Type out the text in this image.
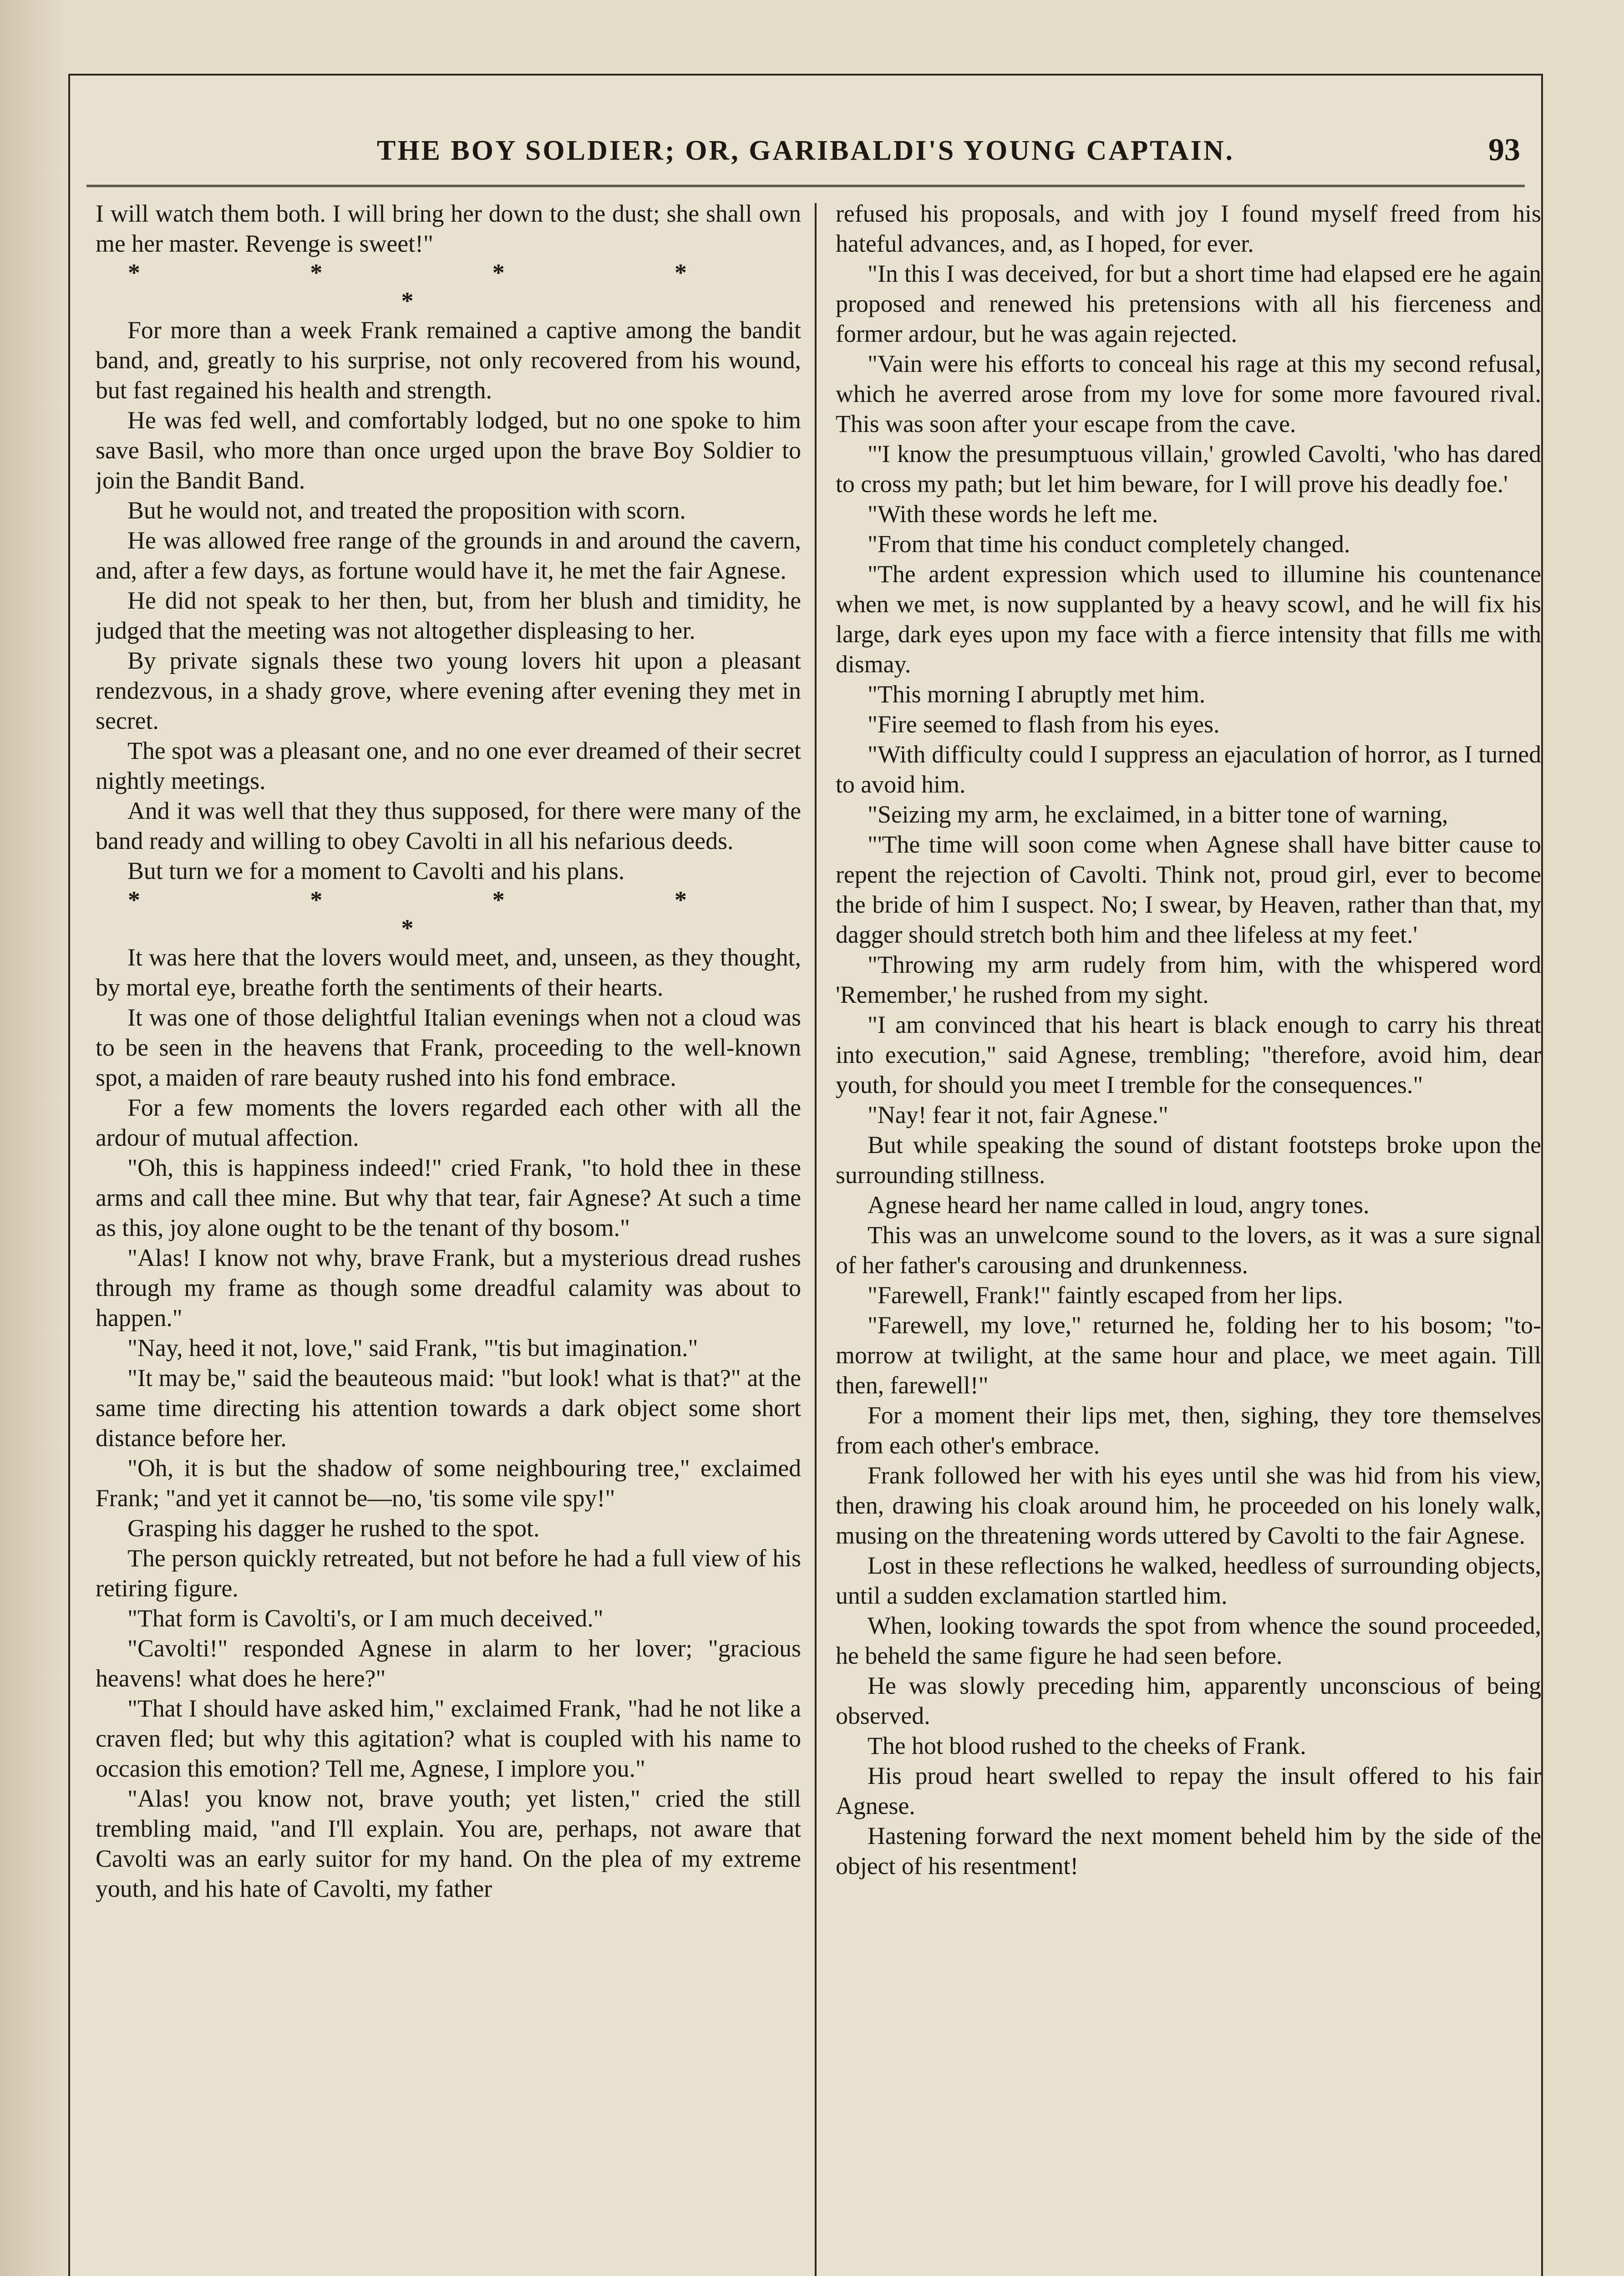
THE BOY SOLDIER; OR, GARIBALDI'S YOUNG CAPTAIN.	93

I will watch them both. I will bring her down to the dust; she shall own me her master. Revenge is sweet!"

* * * * *

For more than a week Frank remained a captive among the bandit band, and, greatly to his surprise, not only recovered from his wound, but fast regained his health and strength.

He was fed well, and comfortably lodged, but no one spoke to him save Basil, who more than once urged upon the brave Boy Soldier to join the Bandit Band.

But he would not, and treated the proposition with scorn.

He was allowed free range of the grounds in and around the cavern, and, after a few days, as fortune would have it, he met the fair Agnese.

He did not speak to her then, but, from her blush and timidity, he judged that the meeting was not altogether displeasing to her.

By private signals these two young lovers hit upon a pleasant rendezvous, in a shady grove, where evening after evening they met in secret.

The spot was a pleasant one, and no one ever dreamed of their secret nightly meetings.

And it was well that they thus supposed, for there were many of the band ready and willing to obey Cavolti in all his nefarious deeds.

But turn we for a moment to Cavolti and his plans.

* * * * *

It was here that the lovers would meet, and, unseen, as they thought, by mortal eye, breathe forth the sentiments of their hearts.

It was one of those delightful Italian evenings when not a cloud was to be seen in the heavens that Frank, proceeding to the well-known spot, a maiden of rare beauty rushed into his fond embrace.

For a few moments the lovers regarded each other with all the ardour of mutual affection.

"Oh, this is happiness indeed!" cried Frank, "to hold thee in these arms and call thee mine. But why that tear, fair Agnese? At such a time as this, joy alone ought to be the tenant of thy bosom."

"Alas! I know not why, brave Frank, but a mysterious dread rushes through my frame as though some dreadful calamity was about to happen."

"Nay, heed it not, love," said Frank, "'tis but imagination."

"It may be," said the beauteous maid: "but look! what is that?" at the same time directing his attention towards a dark object some short distance before her.

"Oh, it is but the shadow of some neighbouring tree," exclaimed Frank; "and yet it cannot be—no, 'tis some vile spy!"

Grasping his dagger he rushed to the spot.

The person quickly retreated, but not before he had a full view of his retiring figure.

"That form is Cavolti's, or I am much deceived."

"Cavolti!" responded Agnese in alarm to her lover; "gracious heavens! what does he here?"

"That I should have asked him," exclaimed Frank, "had he not like a craven fled; but why this agitation? what is coupled with his name to occasion this emotion? Tell me, Agnese, I implore you."

"Alas! you know not, brave youth; yet listen," cried the still trembling maid, "and I'll explain. You are, perhaps, not aware that Cavolti was an early suitor for my hand. On the plea of my extreme youth, and his hate of Cavolti, my father

refused his proposals, and with joy I found myself freed from his hateful advances, and, as I hoped, for ever.

"In this I was deceived, for but a short time had elapsed ere he again proposed and renewed his pretensions with all his fierceness and former ardour, but he was again rejected.

"Vain were his efforts to conceal his rage at this my second refusal, which he averred arose from my love for some more favoured rival. This was soon after your escape from the cave.

"'I know the presumptuous villain,' growled Cavolti, 'who has dared to cross my path; but let him beware, for I will prove his deadly foe.'

"With these words he left me.

"From that time his conduct completely changed.

"The ardent expression which used to illumine his countenance when we met, is now supplanted by a heavy scowl, and he will fix his large, dark eyes upon my face with a fierce intensity that fills me with dismay.

"This morning I abruptly met him.

"Fire seemed to flash from his eyes.

"With difficulty could I suppress an ejaculation of horror, as I turned to avoid him.

"Seizing my arm, he exclaimed, in a bitter tone of warning,

"'The time will soon come when Agnese shall have bitter cause to repent the rejection of Cavolti. Think not, proud girl, ever to become the bride of him I suspect. No; I swear, by Heaven, rather than that, my dagger should stretch both him and thee lifeless at my feet.'

"Throwing my arm rudely from him, with the whispered word 'Remember,' he rushed from my sight.

"I am convinced that his heart is black enough to carry his threat into execution," said Agnese, trembling; "therefore, avoid him, dear youth, for should you meet I tremble for the consequences."

"Nay! fear it not, fair Agnese."

But while speaking the sound of distant footsteps broke upon the surrounding stillness.

Agnese heard her name called in loud, angry tones.

This was an unwelcome sound to the lovers, as it was a sure signal of her father's carousing and drunkenness.

"Farewell, Frank!" faintly escaped from her lips.

"Farewell, my love," returned he, folding her to his bosom; "to-morrow at twilight, at the same hour and place, we meet again. Till then, farewell!"

For a moment their lips met, then, sighing, they tore themselves from each other's embrace.

Frank followed her with his eyes until she was hid from his view, then, drawing his cloak around him, he proceeded on his lonely walk, musing on the threatening words uttered by Cavolti to the fair Agnese.

Lost in these reflections he walked, heedless of surrounding objects, until a sudden exclamation startled him.

When, looking towards the spot from whence the sound proceeded, he beheld the same figure he had seen before.

He was slowly preceding him, apparently unconscious of being observed.

The hot blood rushed to the cheeks of Frank.

His proud heart swelled to repay the insult offered to his fair Agnese.

Hastening forward the next moment beheld him by the side of the object of his resentment!
